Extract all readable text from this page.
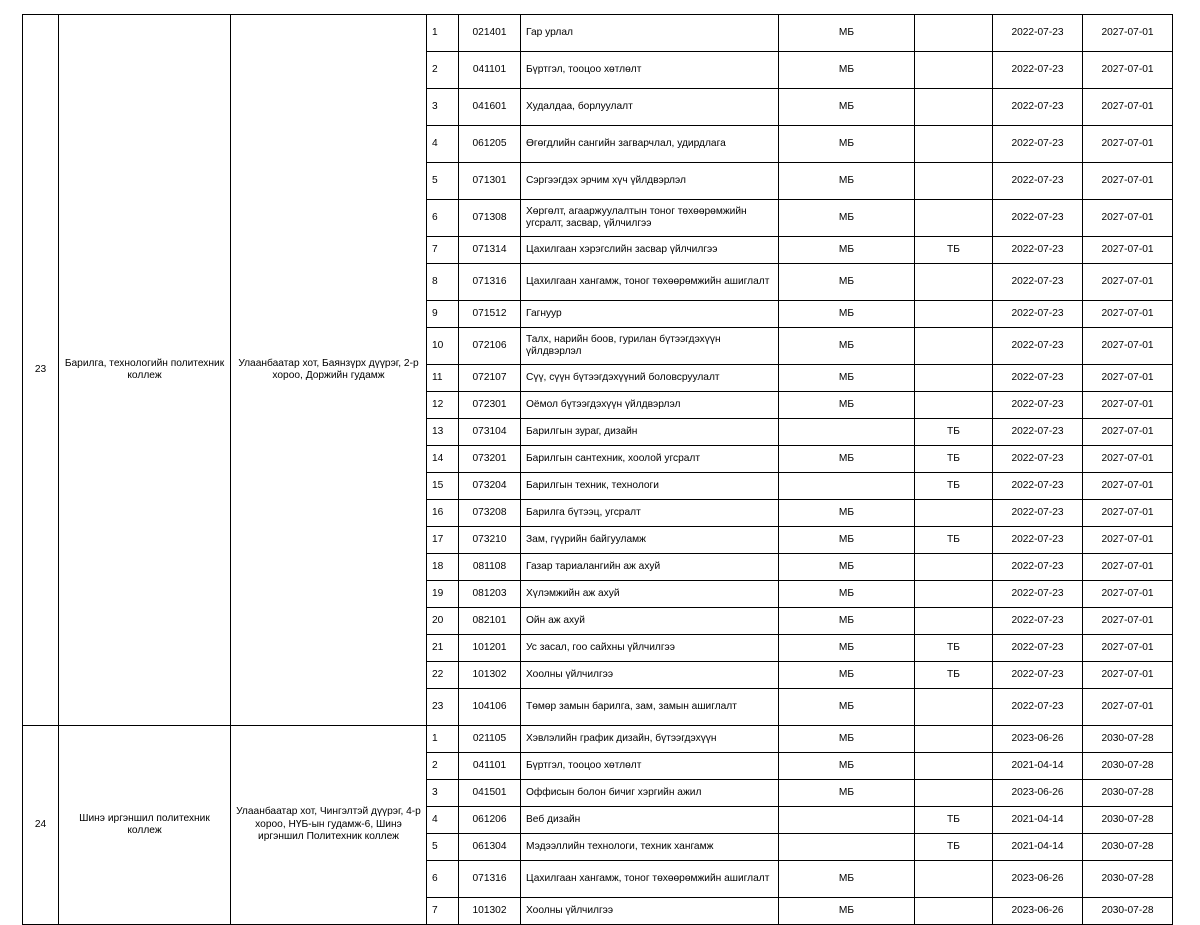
23	Барилга, технологийн политехник коллеж	Улаанбаатар хот, Баянзүрх дүүрэг, 2-р хороо, Доржийн гудамж	1	021401	Гар урлал	МБ		2022-07-23	2027-07-01
			2	041101	Бүртгэл, тооцоо хөтлөлт	МБ		2022-07-23	2027-07-01
			3	041601	Худалдаа, борлуулалт	МБ		2022-07-23	2027-07-01
			4	061205	Өгөгдлийн сангийн загварчлал, удирдлага	МБ		2022-07-23	2027-07-01
			5	071301	Сэргээгдэх эрчим хүч үйлдвэрлэл	МБ		2022-07-23	2027-07-01
			6	071308	Хөргөлт, агааржуулалтын тоног төхөөрөмжийн угсралт, засвар, үйлчилгээ	МБ		2022-07-23	2027-07-01
			7	071314	Цахилгаан хэрэгслийн засвар үйлчилгээ	МБ	ТБ	2022-07-23	2027-07-01
			8	071316	Цахилгаан хангамж, тоног төхөөрөмжийн ашиглалт	МБ		2022-07-23	2027-07-01
			9	071512	Гагнуур	МБ		2022-07-23	2027-07-01
			10	072106	Талх, нарийн боов, гурилан бүтээгдэхүүн үйлдвэрлэл	МБ		2022-07-23	2027-07-01
			11	072107	Сүү, сүүн бүтээгдэхүүний боловсруулалт	МБ		2022-07-23	2027-07-01
			12	072301	Оёмол бүтээгдэхүүн үйлдвэрлэл	МБ		2022-07-23	2027-07-01
			13	073104	Барилгын зураг, дизайн		ТБ	2022-07-23	2027-07-01
			14	073201	Барилгын сантехник, хоолой угсралт	МБ	ТБ	2022-07-23	2027-07-01
			15	073204	Барилгын техник, технологи		ТБ	2022-07-23	2027-07-01
			16	073208	Барилга бүтээц, угсралт	МБ		2022-07-23	2027-07-01
			17	073210	Зам, гүүрийн байгууламж	МБ	ТБ	2022-07-23	2027-07-01
			18	081108	Газар тариалангийн аж ахуй	МБ		2022-07-23	2027-07-01
			19	081203	Хүлэмжийн аж ахуй	МБ		2022-07-23	2027-07-01
			20	082101	Ойн аж ахуй	МБ		2022-07-23	2027-07-01
			21	101201	Ус засал, гоо сайхны үйлчилгээ	МБ	ТБ	2022-07-23	2027-07-01
			22	101302	Хоолны үйлчилгээ	МБ	ТБ	2022-07-23	2027-07-01
			23	104106	Төмөр замын барилга, зам, замын ашиглалт	МБ		2022-07-23	2027-07-01
24	Шинэ иргэншил политехник коллеж	Улаанбаатар хот, Чингэлтэй дүүрэг, 4-р хороо, НҮБ-ын гудамж-6, Шинэ иргэншил Политехник коллеж	1	021105	Хэвлэлийн график дизайн, бүтээгдэхүүн	МБ		2023-06-26	2030-07-28
			2	041101	Бүртгэл, тооцоо хөтлөлт	МБ		2021-04-14	2030-07-28
			3	041501	Оффисын болон бичиг хэргийн ажил	МБ		2023-06-26	2030-07-28
			4	061206	Веб дизайн		ТБ	2021-04-14	2030-07-28
			5	061304	Мэдээллийн технологи, техник хангамж		ТБ	2021-04-14	2030-07-28
			6	071316	Цахилгаан хангамж, тоног төхөөрөмжийн ашиглалт	МБ		2023-06-26	2030-07-28
			7	101302	Хоолны үйлчилгээ	МБ		2023-06-26	2030-07-28
